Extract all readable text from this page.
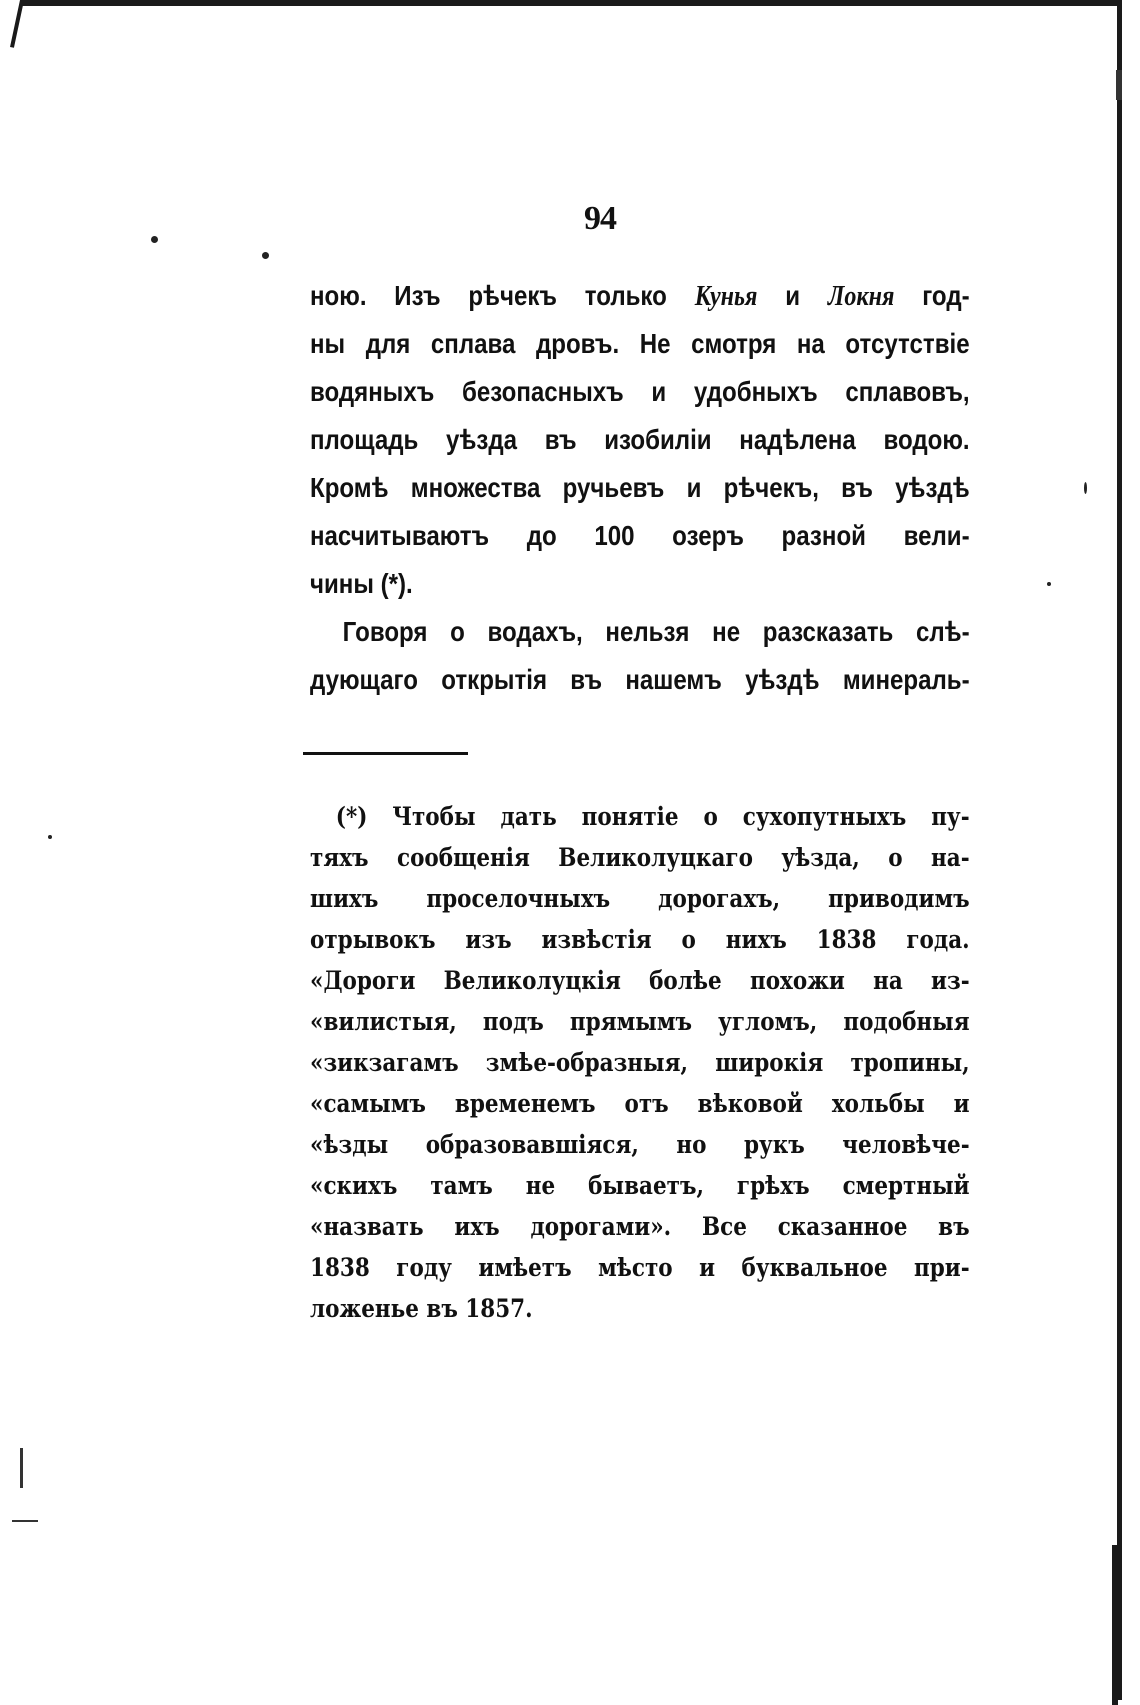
94
ною. Изъ рѣчекъ только Кунья и Локня год-
ны для сплава дровъ. Не смотря на отсутствіе
водяныхъ безопасныхъ и удобныхъ сплавовъ,
площадь уѣзда въ изобиліи надѣлена водою.
Кромѣ множества ручьевъ и рѣчекъ, въ уѣздѣ
насчитываютъ до 100 озеръ разной вели-
чины (*).
Говоря о водахъ, нельзя не разсказать слѣ-
дующаго открытія въ нашемъ уѣздѣ минераль-
(*) Чтобы дать понятіе о сухопутныхъ пу-
тяхъ сообщенія Великолуцкаго уѣзда, о на-
шихъ проселочныхъ дорогахъ, приводимъ
отрывокъ изъ извѣстія о нихъ 1838 года.
«Дороги Великолуцкія болѣе похожи на из-
«вилистыя, подъ прямымъ угломъ, подобныя
«зикзагамъ змѣе-образныя, широкія тропины,
«самымъ временемъ отъ вѣковой хольбы и
«ѣзды образовавшіяся, но рукъ человѣче-
«скихъ тамъ не бываетъ, грѣхъ смертный
«назвать ихъ дорогами». Все сказанное въ
1838 году имѣетъ мѣсто и буквальное при-
ложенье въ 1857.
